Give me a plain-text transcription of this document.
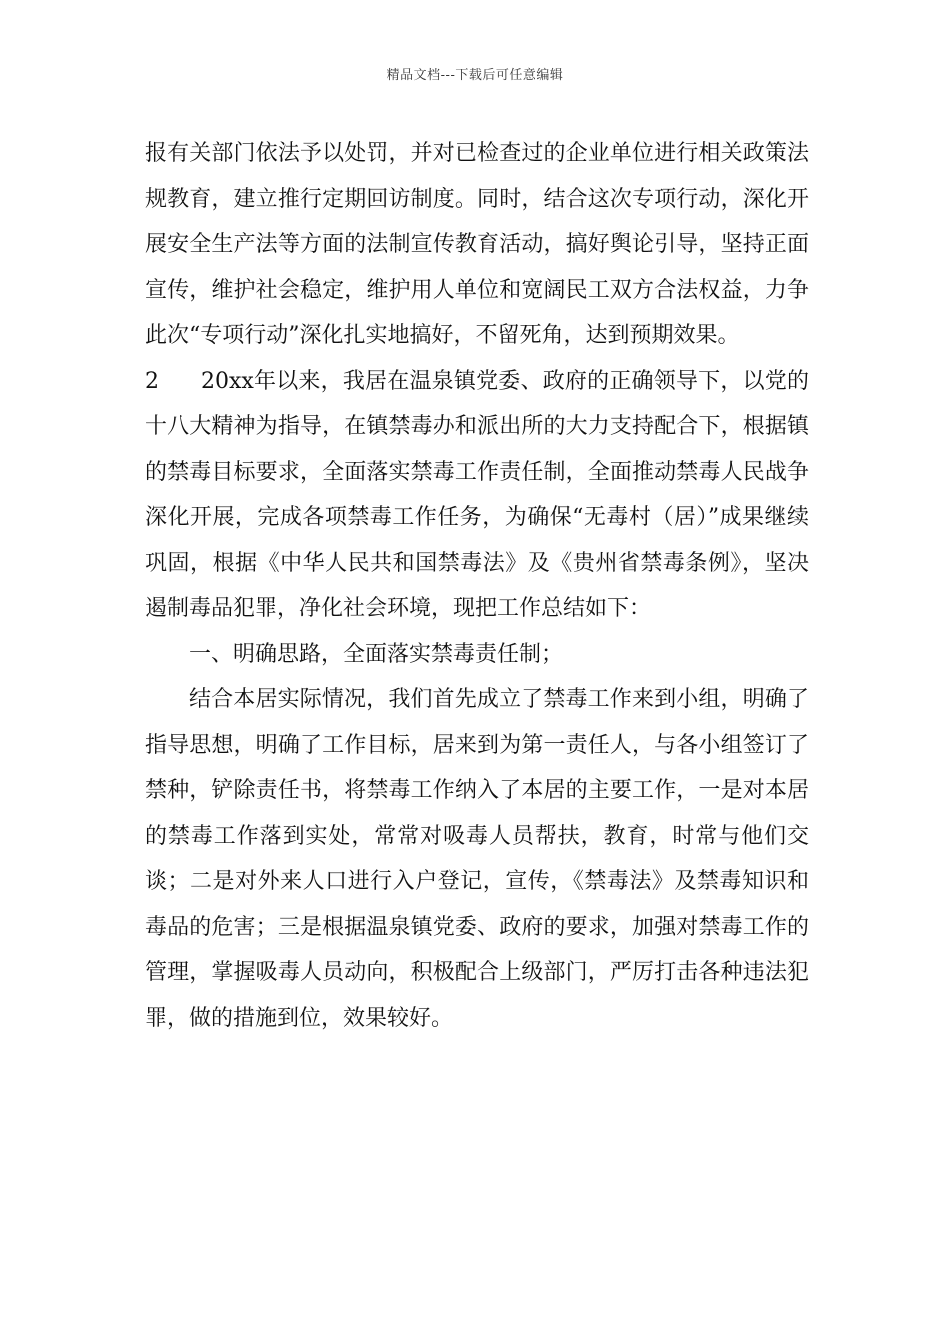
精品文档---下载后可任意编辑

报有关部门依法予以处罚，并对已检查过的企业单位进行相关政策法规教育，建立推行定期回访制度。同时，结合这次专项行动，深化开展安全生产法等方面的法制宣传教育活动，搞好舆论引导，坚持正面宣传，维护社会稳定，维护用人单位和宽阔民工双方合法权益，力争此次“专项行动”深化扎实地搞好，不留死角，达到预期效果。

2 20xx年以来，我居在温泉镇党委、政府的正确领导下，以党的十八大精神为指导，在镇禁毒办和派出所的大力支持配合下，根据镇的禁毒目标要求，全面落实禁毒工作责任制，全面推动禁毒人民战争深化开展，完成各项禁毒工作任务，为确保“无毒村（居）”成果继续巩固，根据《中华人民共和国禁毒法》及《贵州省禁毒条例》，坚决遏制毒品犯罪，净化社会环境，现把工作总结如下：

一、明确思路，全面落实禁毒责任制；

结合本居实际情况，我们首先成立了禁毒工作来到小组，明确了指导思想，明确了工作目标，居来到为第一责任人，与各小组签订了禁种，铲除责任书，将禁毒工作纳入了本居的主要工作，一是对本居的禁毒工作落到实处，常常对吸毒人员帮扶，教育，时常与他们交谈；二是对外来人口进行入户登记，宣传，《禁毒法》及禁毒知识和毒品的危害；三是根据温泉镇党委、政府的要求，加强对禁毒工作的管理，掌握吸毒人员动向，积极配合上级部门，严厉打击各种违法犯罪，做的措施到位，效果较好。
